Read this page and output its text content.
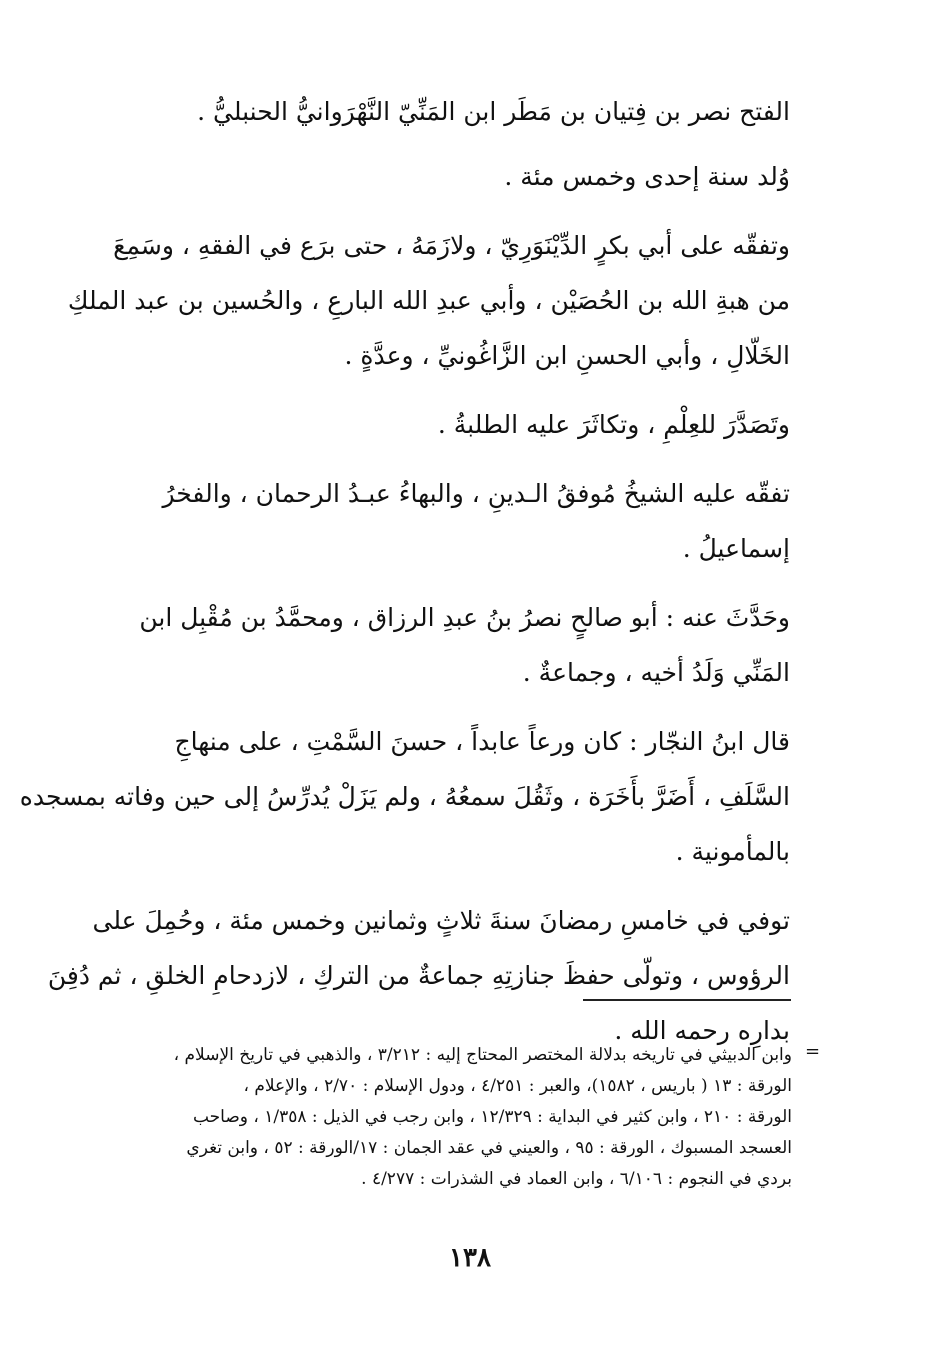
الفتح نصر بن فِتيان بن مَطَر ابن المَنِّيّ النَّهْرَوانيُّ الحنبليُّ .
وُلد سنة إحدى وخمس مئة .
وتفقّه على أبي بكرٍ الدِّيْنَوَرِيّ ، ولازَمَهُ ، حتى برَع في الفقهِ ، وسَمِعَ
من هبةِ الله بن الحُصَيْن ، وأبي عبدِ الله البارعِ ، والحُسين بن عبد الملكِ
الخَلّالِ ، وأبي الحسنِ ابن الزَّاغُونيِّ ، وعدَّةٍ .
وتَصَدَّرَ للعِلْمِ ، وتكاثَرَ عليه الطلبةُ .
تفقّه عليه الشيخُ مُوفقُ الـدينِ ، والبهاءُ عبـدُ الرحمان ، والفخرُ
إسماعيلُ .
وحَدَّثَ عنه : أبو صالحٍ نصرُ بنُ عبدِ الرزاق ، ومحمَّدُ بن مُقْبِل ابن
المَنِّي وَلَدُ أخيه ، وجماعةٌ .
قال ابنُ النجّار : كان ورعاً عابداً ، حسنَ السَّمْتِ ، على منهاجِ
السَّلَفِ ، أَضَرَّ بأَخَرَة ، وثَقُلَ سمعُهُ ، ولم يَزَلْ يُدرِّسُ إلى حين وفاته بمسجده
بالمأمونية .
توفي في خامسِ رمضانَ سنةَ ثلاثٍ وثمانين وخمس مئة ، وحُمِلَ على
الرؤوس ، وتولّى حفظَ جنازتِهِ جماعةٌ من التركِ ، لازدحامِ الخلقِ ، ثم دُفِنَ
بدارِه رحمه الله .
=
وابن الدبيثي في تاريخه بدلالة المختصر المحتاج إليه : ٣/٢١٢ ، والذهبي في تاريخ الإسلام ،
الورقة : ١٣ ( باريس ، ١٥٨٢)، والعبر : ٤/٢٥١ ، ودول الإسلام : ٢/٧٠ ، والإعلام ،
الورقة : ٢١٠ ، وابن كثير في البداية : ١٢/٣٢٩ ، وابن رجب في الذيل : ١/٣٥٨ ، وصاحب
العسجد المسبوك ، الورقة : ٩٥ ، والعيني في عقد الجمان : ١٧/الورقة : ٥٢ ، وابن تغري
بردي في النجوم : ٦/١٠٦ ، وابن العماد في الشذرات : ٤/٢٧٧ .
١٣٨
